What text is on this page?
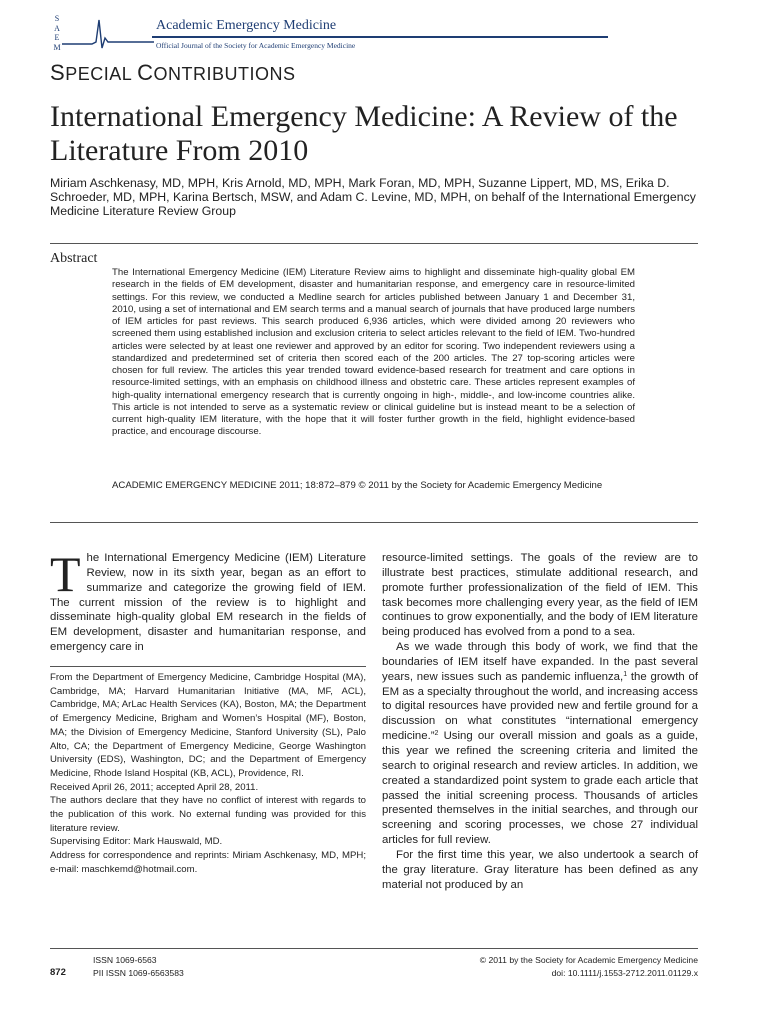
S
A
E
M
Academic Emergency Medicine
Official Journal of the Society for Academic Emergency Medicine
SPECIAL CONTRIBUTIONS
International Emergency Medicine: A Review of the Literature From 2010
Miriam Aschkenasy, MD, MPH, Kris Arnold, MD, MPH, Mark Foran, MD, MPH, Suzanne Lippert, MD, MS, Erika D. Schroeder, MD, MPH, Karina Bertsch, MSW, and Adam C. Levine, MD, MPH, on behalf of the International Emergency Medicine Literature Review Group
Abstract
The International Emergency Medicine (IEM) Literature Review aims to highlight and disseminate high-quality global EM research in the fields of EM development, disaster and humanitarian response, and emergency care in resource-limited settings. For this review, we conducted a Medline search for articles published between January 1 and December 31, 2010, using a set of international and EM search terms and a manual search of journals that have produced large numbers of IEM articles for past reviews. This search produced 6,936 articles, which were divided among 20 reviewers who screened them using established inclusion and exclusion criteria to select articles relevant to the field of IEM. Two-hundred articles were selected by at least one reviewer and approved by an editor for scoring. Two independent reviewers using a standardized and predetermined set of criteria then scored each of the 200 articles. The 27 top-scoring articles were chosen for full review. The articles this year trended toward evidence-based research for treatment and care options in resource-limited settings, with an emphasis on childhood illness and obstetric care. These articles represent examples of high-quality international emergency research that is currently ongoing in high-, middle-, and low-income countries alike. This article is not intended to serve as a systematic review or clinical guideline but is instead meant to be a selection of current high-quality IEM literature, with the hope that it will foster further growth in the field, highlight evidence-based practice, and encourage discourse.
ACADEMIC EMERGENCY MEDICINE 2011; 18:872–879 © 2011 by the Society for Academic Emergency Medicine
The International Emergency Medicine (IEM) Literature Review, now in its sixth year, began as an effort to summarize and categorize the growing field of IEM. The current mission of the review is to highlight and disseminate high-quality global EM research in the fields of EM development, disaster and humanitarian response, and emergency care in

From the Department of Emergency Medicine, Cambridge Hospital (MA), Cambridge, MA; Harvard Humanitarian Initiative (MA, MF, ACL), Cambridge, MA; ArLac Health Services (KA), Boston, MA; the Department of Emergency Medicine, Brigham and Women’s Hospital (MF), Boston, MA; the Division of Emergency Medicine, Stanford University (SL), Palo Alto, CA; the Department of Emergency Medicine, George Washington University (EDS), Washington, DC; and the Department of Emergency Medicine, Rhode Island Hospital (KB, ACL), Providence, RI.

Received April 26, 2011; accepted April 28, 2011.

The authors declare that they have no conflict of interest with regards to the publication of this work. No external funding was provided for this literature review.

Supervising Editor: Mark Hauswald, MD.

Address for correspondence and reprints: Miriam Aschkenasy, MD, MPH; e-mail: maschkemd@hotmail.com.

resource-limited settings. The goals of the review are to illustrate best practices, stimulate additional research, and promote further professionalization of the field of IEM. This task becomes more challenging every year, as the field of IEM continues to grow exponentially, and the body of IEM literature being produced has evolved from a pond to a sea.

As we wade through this body of work, we find that the boundaries of IEM itself have expanded. In the past several years, new issues such as pandemic influenza,$^1$ the growth of EM as a specialty throughout the world, and increasing access to digital resources have provided new and fertile ground for a discussion on what constitutes “international emergency medicine.”$^2$ Using our overall mission and goals as a guide, this year we refined the screening criteria and limited the search to original research and review articles. In addition, we created a standardized point system to grade each article that passed the initial screening process. Thousands of articles presented themselves in the initial searches, and through our screening and scoring processes, we chose 27 individual articles for full review.

For the first time this year, we also undertook a search of the gray literature. Gray literature has been defined as any material not produced by an

872
ISSN 1069-6563
PII ISSN 1069-6563583
© 2011 by the Society for Academic Emergency Medicine
doi: 10.1111/j.1553-2712.2011.01129.x
